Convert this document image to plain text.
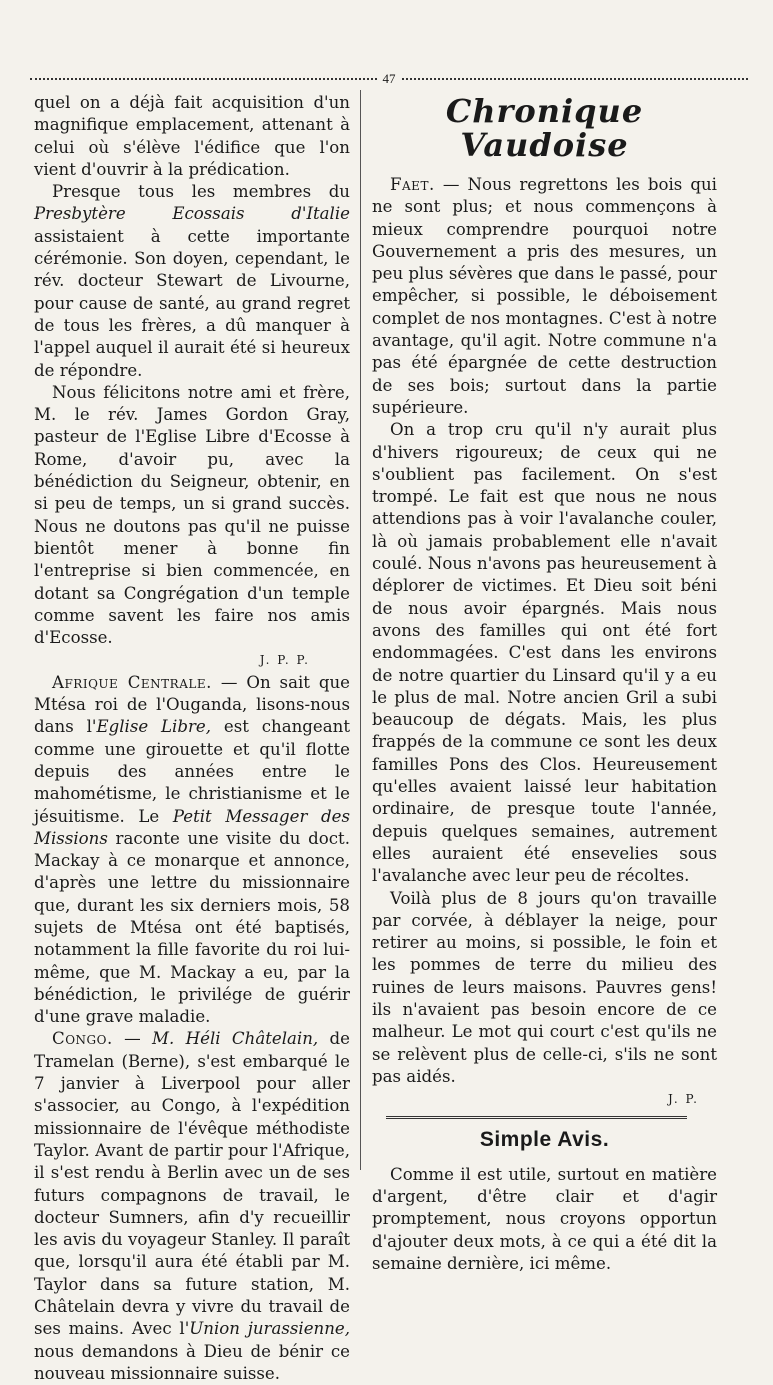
47

quel on a déjà fait acquisition d'un magnifique emplacement, attenant à celui où s'élève l'édifice que l'on vient d'ouvrir à la prédication.

Presque tous les membres du Presbytère Ecossais d'Italie assistaient à cette importante cérémonie. Son doyen, cependant, le rév. docteur Stewart de Livourne, pour cause de santé, au grand regret de tous les frères, a dû manquer à l'appel auquel il aurait été si heureux de répondre.

Nous félicitons notre ami et frère, M. le rév. James Gordon Gray, pasteur de l'Eglise Libre d'Ecosse à Rome, d'avoir pu, avec la bénédiction du Seigneur, obtenir, en si peu de temps, un si grand succès. Nous ne doutons pas qu'il ne puisse bientôt mener à bonne fin l'entreprise si bien commencée, en dotant sa Congrégation d'un temple comme savent les faire nos amis d'Ecosse.

J. P. P.

Afrique Centrale. — On sait que Mtésa roi de l'Ouganda, lisons-nous dans l'Eglise Libre, est changeant comme une girouette et qu'il flotte depuis des années entre le mahométisme, le christianisme et le jésuitisme. Le Petit Messager des Missions raconte une visite du doct. Mackay à ce monarque et annonce, d'après une lettre du missionnaire que, durant les six derniers mois, 58 sujets de Mtésa ont été baptisés, notamment la fille favorite du roi lui-même, que M. Mackay a eu, par la bénédiction, le privilége de guérir d'une grave maladie.

Congo. — M. Héli Châtelain, de Tramelan (Berne), s'est embarqué le 7 janvier à Liverpool pour aller s'associer, au Congo, à l'expédition missionnaire de l'évêque méthodiste Taylor. Avant de partir pour l'Afrique, il s'est rendu à Berlin avec un de ses futurs compagnons de travail, le docteur Sumners, afin d'y recueillir les avis du voyageur Stanley. Il paraît que, lorsqu'il aura été établi par M. Taylor dans sa future station, M. Châtelain devra y vivre du travail de ses mains. Avec l'Union jurassienne, nous demandons à Dieu de bénir ce nouveau missionnaire suisse.

Chronique Vaudoise

Faet. — Nous regrettons les bois qui ne sont plus; et nous commençons à mieux comprendre pourquoi notre Gouvernement a pris des mesures, un peu plus sévères que dans le passé, pour empêcher, si possible, le déboisement complet de nos montagnes. C'est à notre avantage, qu'il agit. Notre commune n'a pas été épargnée de cette destruction de ses bois; surtout dans la partie supérieure.

On a trop cru qu'il n'y aurait plus d'hivers rigoureux; de ceux qui ne s'oublient pas facilement. On s'est trompé. Le fait est que nous ne nous attendions pas à voir l'avalanche couler, là où jamais probablement elle n'avait coulé. Nous n'avons pas heureusement à déplorer de victimes. Et Dieu soit béni de nous avoir épargnés. Mais nous avons des familles qui ont été fort endommagées. C'est dans les environs de notre quartier du Linsard qu'il y a eu le plus de mal. Notre ancien Gril a subi beaucoup de dégats. Mais, les plus frappés de la commune ce sont les deux familles Pons des Clos. Heureusement qu'elles avaient laissé leur habitation ordinaire, de presque toute l'année, depuis quelques semaines, autrement elles auraient été ensevelies sous l'avalanche avec leur peu de récoltes.

Voilà plus de 8 jours qu'on travaille par corvée, à déblayer la neige, pour retirer au moins, si possible, le foin et les pommes de terre du milieu des ruines de leurs maisons. Pauvres gens! ils n'avaient pas besoin encore de ce malheur. Le mot qui court c'est qu'ils ne se relèvent plus de celle-ci, s'ils ne sont pas aidés.

J. P.
Simple Avis.

Comme il est utile, surtout en matière d'argent, d'être clair et d'agir promptement, nous croyons opportun d'ajouter deux mots, à ce qui a été dit la semaine dernière, ici même.
